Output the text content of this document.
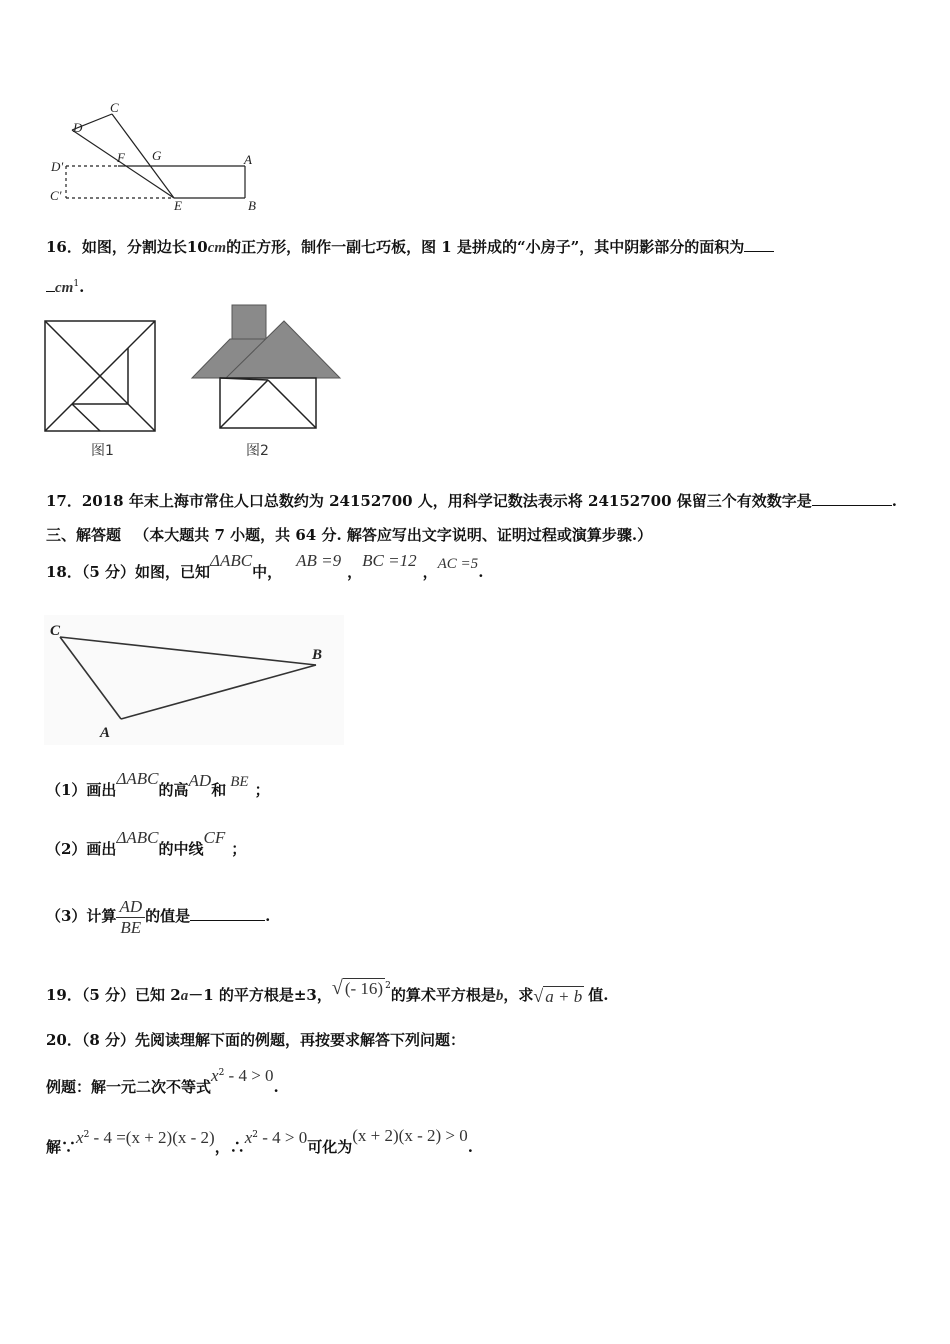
C
D
F G	A
D'
C'
E	B
16．如图，分割边长10cm的正方形，制作一副七巧板，图 1 是拼成的“小房子”，其中阴影部分的面积为
$cm^1$.
图1	图2
17．2018 年末上海市常住人口总数约为 24152700 人，用科学记数法表示将 24152700 保留三个有效数字是	.
三、解答题 （本大题共 7 小题，共 64 分. 解答应写出文字说明、证明过程或演算步骤.）
18．（5 分）如图，已知ΔABC中，AB =9，BC =12，AC =5.
C
B
A
（1）画出ΔABC的高AD和 BE ；
（2）画出ΔABC的中线CF；
（3）计算 $\frac{AD}{BE}$ 的值是	.
19．（5 分）已知 2a－1 的平方根是±3，√ (- 16) $^2$的算术平方根是b，求√ a + b 值.
20．（8 分）先阅读理解下面的例题，再按要求解答下列问题：
例题：解一元二次不等式$x^2 - 4 > 0$.
解$\because x^2 - 4 =(x + 2)(x - 2)$，$\therefore x^2 - 4 > 0$可化为(x + 2)(x - 2) > 0.
